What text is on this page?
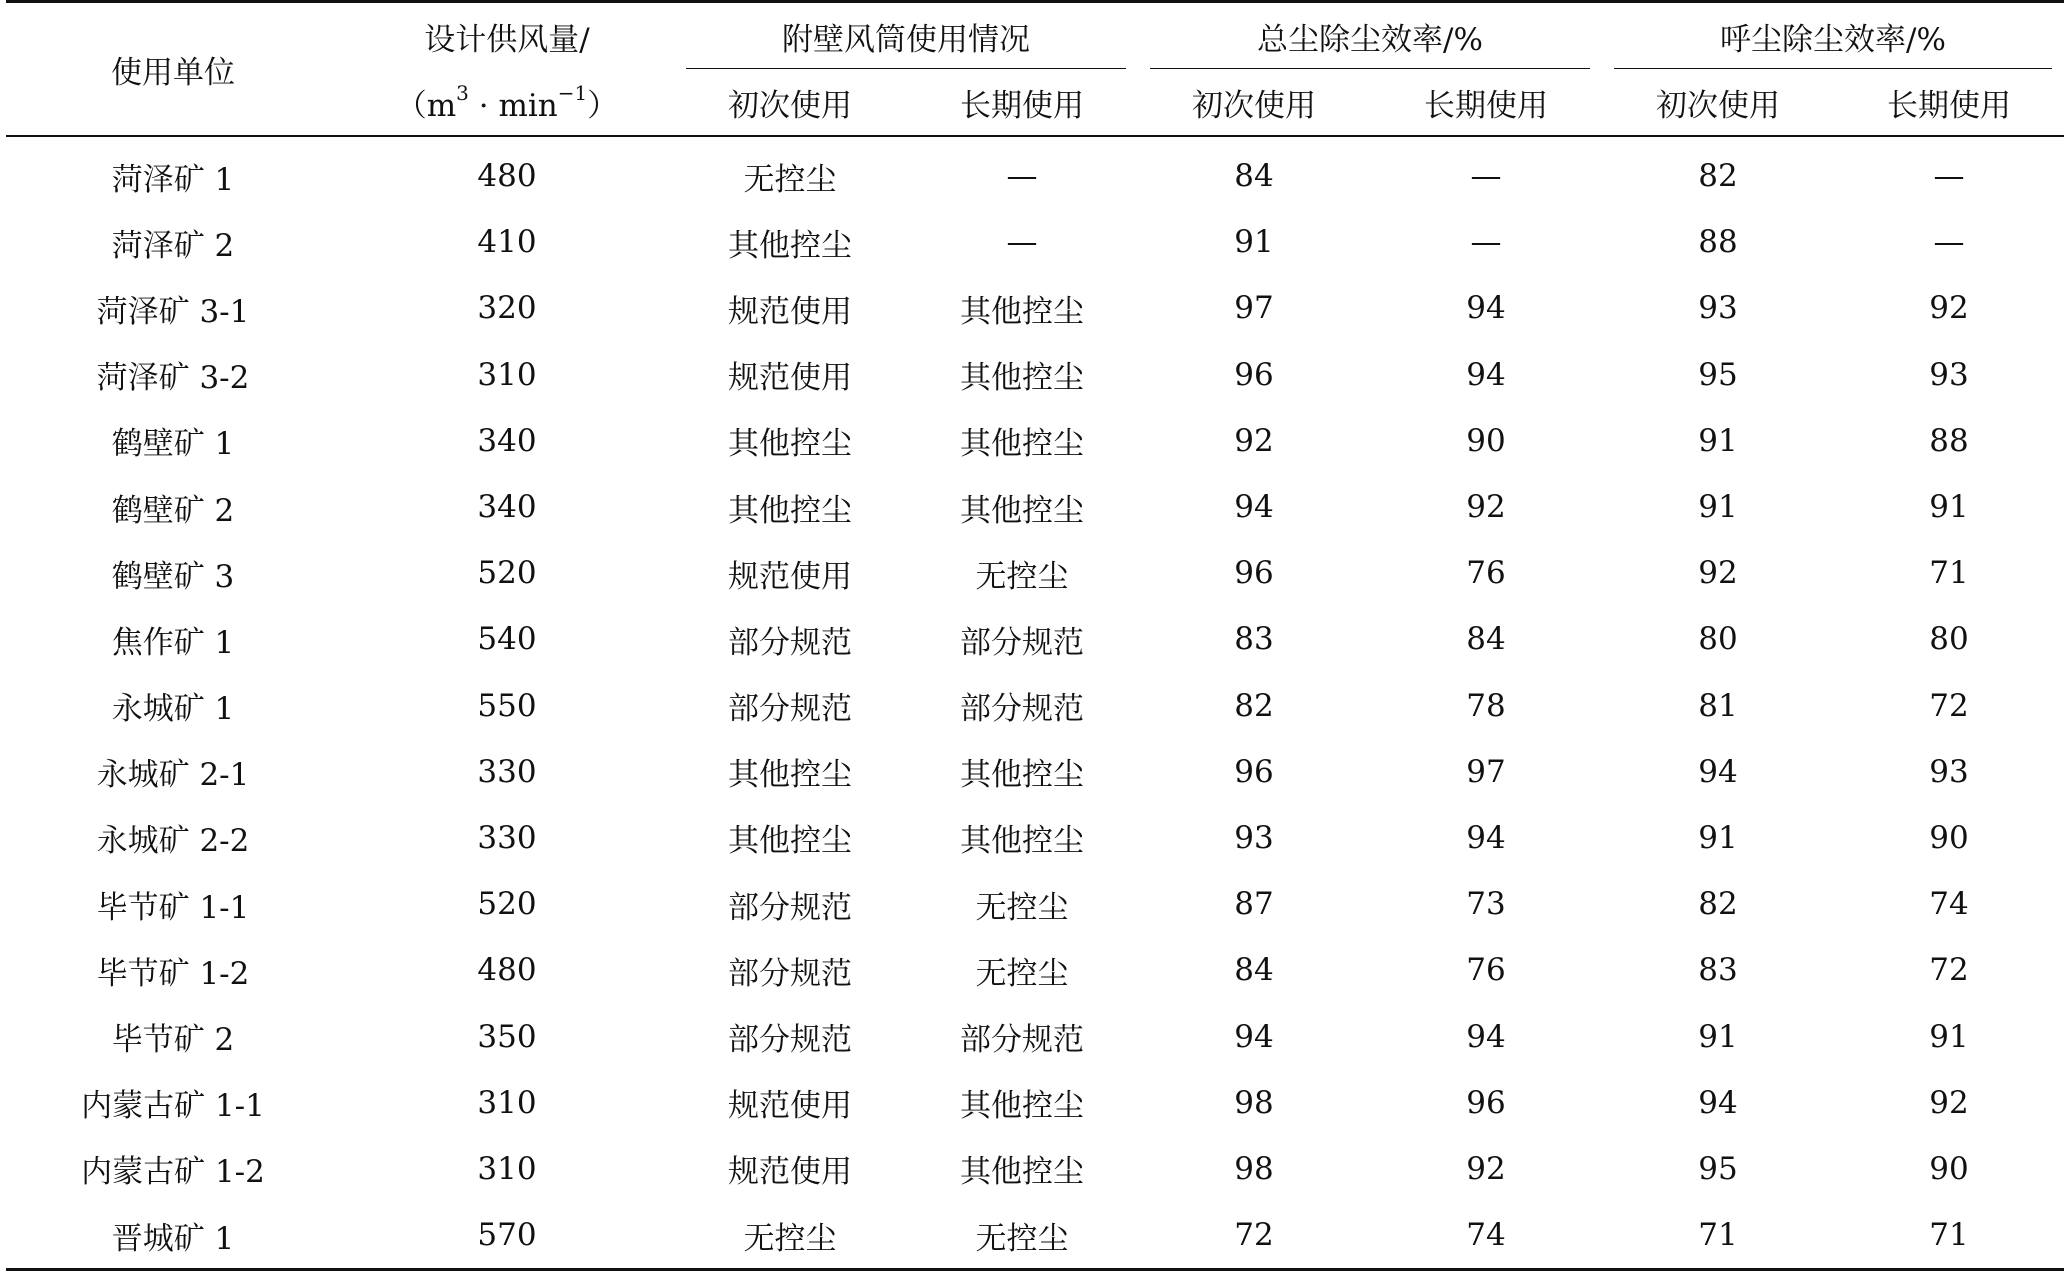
使用单位	设计供风量/	附壁风筒使用情况		总尘除尘效率/%		呼尘除尘效率/%	

	$(m^3 \cdot \min^{-1})$	初次使用	长期使用	初次使用	长期使用	初次使用	长期使用
菏泽矿 1	480	无控尘	—	84	—	82	—
菏泽矿 2	410	其他控尘	—	91	—	88	—
菏泽矿 3-1	320	规范使用	其他控尘	97	94	93	92
菏泽矿 3-2	310	规范使用	其他控尘	96	94	95	93
鹤壁矿 1	340	其他控尘	其他控尘	92	90	91	88
鹤壁矿 2	340	其他控尘	其他控尘	94	92	91	91
鹤壁矿 3	520	规范使用	无控尘	96	76	92	71
焦作矿 1	540	部分规范	部分规范	83	84	80	80
永城矿 1	550	部分规范	部分规范	82	78	81	72
永城矿 2-1	330	其他控尘	其他控尘	96	97	94	93
永城矿 2-2	330	其他控尘	其他控尘	93	94	91	90
毕节矿 1-1	520	部分规范	无控尘	87	73	82	74
毕节矿 1-2	480	部分规范	无控尘	84	76	83	72
毕节矿 2	350	部分规范	部分规范	94	94	91	91
内蒙古矿 1-1	310	规范使用	其他控尘	98	96	94	92
内蒙古矿 1-2	310	规范使用	其他控尘	98	92	95	90
晋城矿 1	570	无控尘	无控尘	72	74	71	71
